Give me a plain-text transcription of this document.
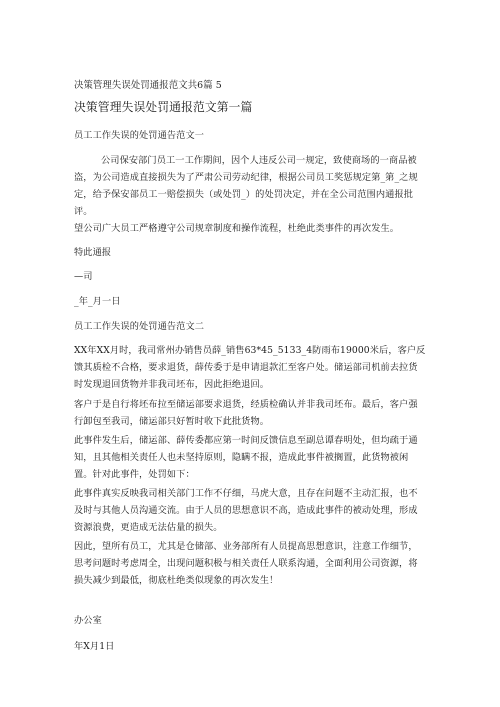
决策管理失误处罚通报范文共6篇 5
决策管理失误处罚通报范文第一篇
员工工作失误的处罚通告范文一
公司保安部门员工一工作期间，因个人违反公司一规定，致使商场的一商品被
盗，为公司造成直接损失为了严肃公司劳动纪律，根据公司员工奖惩规定第_第_之规
定，给予保安部员工一赔偿损失（或处罚_）的处罚决定，并在全公司范围内通报批
评。
望公司广大员工严格遵守公司规章制度和操作流程，杜绝此类事件的再次发生。
特此通报
—司
_年_月一日
员工工作失误的处罚通告范文二
XX年XX月时，我司常州办销售员薛_销售63*45_5133_4防雨布19000米后，客户反
馈其质检不合格，要求退货，薛传委于是申请退款汇至客户处。储运部司机前去拉货
时发现退回货物并非我司坯布，因此拒绝退回。
客户于是自行将坯布拉至储运部要求退货，经质检确认并非我司坯布。最后，客户强
行卸包至我司，储运部只好暂时收下此批货物。
此事件发生后，储运部、薛传委都应第一时间反馈信息至副总谭春明处，但均疏于通
知，且其他相关责任人也未坚持原则，隐瞒不报，造成此事件被搁置，此货物被闲
置。针对此事件，处罚如下：
此事件真实反映我司相关部门工作不仔细，马虎大意，且存在问题不主动汇报，也不
及时与其他人员沟通交流。由于人员的思想意识不高，造成此事件的被动处理，形成
资源浪费，更造成无法估量的损失。
因此，望所有员工，尤其是仓储部、业务部所有人员提高思想意识，注意工作细节，
思考问题时考虑周全，出现问题积极与相关责任人联系沟通，全面利用公司资源，将
损失减少到最低，彻底杜绝类似现象的再次发生！
办公室
年X月1日
